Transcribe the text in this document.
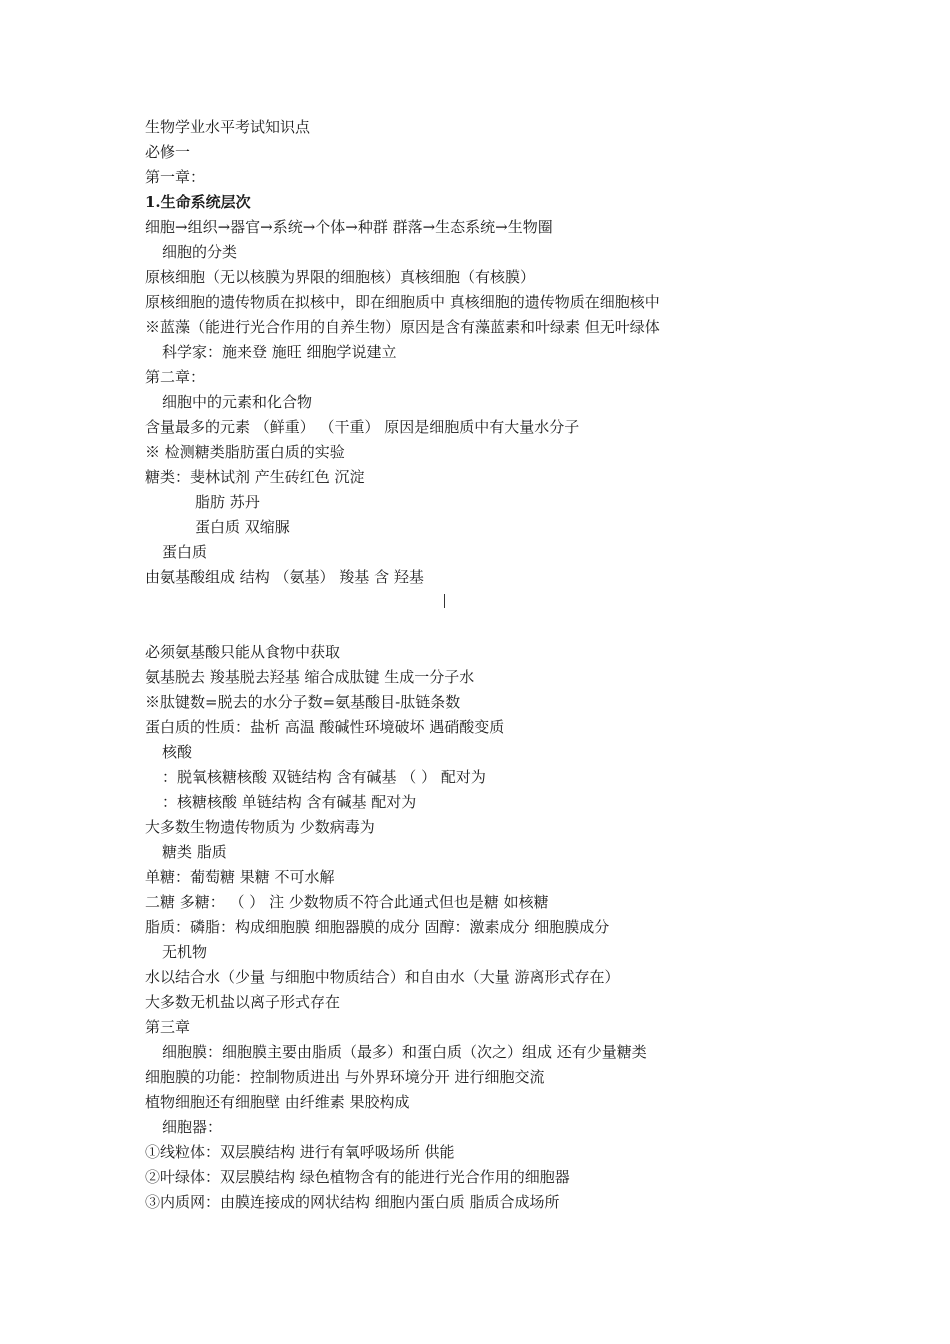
生物学业水平考试知识点
必修一
第一章：
1.生命系统层次
细胞→组织→器官→系统→个体→种群 群落→生态系统→生物圈
细胞的分类
原核细胞（无以核膜为界限的细胞核）真核细胞（有核膜）
原核细胞的遗传物质在拟核中，即在细胞质中 真核细胞的遗传物质在细胞核中
※蓝藻（能进行光合作用的自养生物）原因是含有藻蓝素和叶绿素 但无叶绿体
科学家：施来登 施旺 细胞学说建立
第二章：
细胞中的元素和化合物
含量最多的元素 （鲜重） （干重） 原因是细胞质中有大量水分子
※ 检测糖类脂肪蛋白质的实验
糖类：斐林试剂 产生砖红色 沉淀
脂肪 苏丹
蛋白质 双缩脲
蛋白质
由氨基酸组成 结构 （氨基） 羧基 含 羟基
必须氨基酸只能从食物中获取
氨基脱去 羧基脱去羟基 缩合成肽键 生成一分子水
※肽键数=脱去的水分子数=氨基酸目-肽链条数
蛋白质的性质：盐析 高温 酸碱性环境破坏 遇硝酸变质
核酸
：脱氧核糖核酸 双链结构 含有碱基 （ ） 配对为
：核糖核酸 单链结构 含有碱基 配对为
大多数生物遗传物质为 少数病毒为
糖类 脂质
单糖：葡萄糖 果糖 不可水解
二糖 多糖： （ ） 注 少数物质不符合此通式但也是糖 如核糖
脂质：磷脂：构成细胞膜 细胞器膜的成分 固醇：激素成分 细胞膜成分
无机物
水以结合水（少量 与细胞中物质结合）和自由水（大量 游离形式存在）
大多数无机盐以离子形式存在
第三章
细胞膜：细胞膜主要由脂质（最多）和蛋白质（次之）组成 还有少量糖类
细胞膜的功能：控制物质进出 与外界环境分开 进行细胞交流
植物细胞还有细胞壁 由纤维素 果胶构成
细胞器：
①线粒体：双层膜结构 进行有氧呼吸场所 供能
②叶绿体：双层膜结构 绿色植物含有的能进行光合作用的细胞器
③内质网：由膜连接成的网状结构 细胞内蛋白质 脂质合成场所
